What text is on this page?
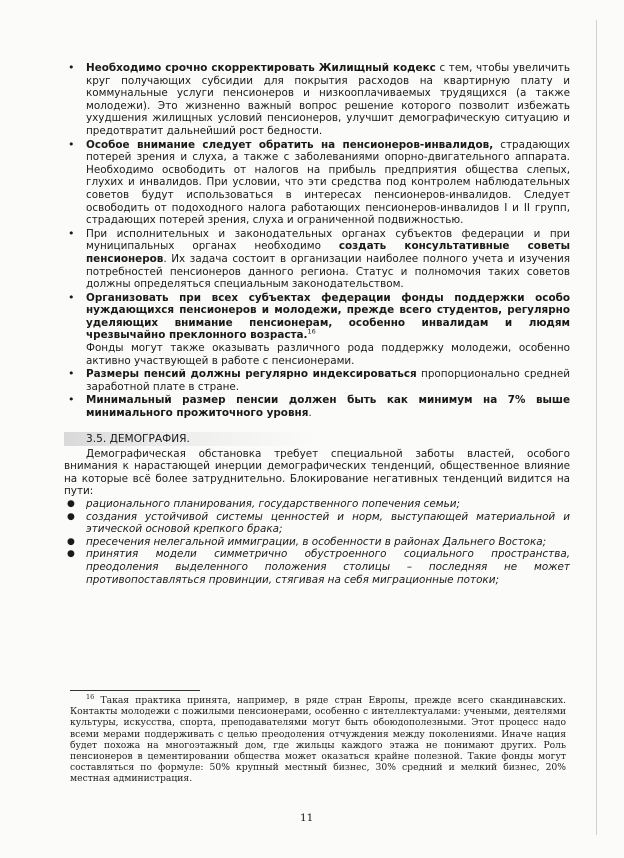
• Необходимо срочно скорректировать Жилищный кодекс с тем, чтобы увеличить круг получающих субсидии для покрытия расходов на квартирную плату и коммунальные услуги пенсионеров и низкооплачиваемых трудящихся (а также молодежи). Это жизненно важный вопрос решение которого позволит избежать ухудшения жилищных условий пенсионеров, улучшит демографическую ситуацию и предотвратит дальнейший рост бедности.
• Особое внимание следует обратить на пенсионеров-инвалидов, страдающих потерей зрения и слуха, а также с заболеваниями опорно-двигательного аппарата. Необходимо освободить от налогов на прибыль предприятия общества слепых, глухих и инвалидов. При условии, что эти средства под контролем наблюдательных советов будут использоваться в интересах пенсионеров-инвалидов. Следует освободить от подоходного налога работающих пенсионеров-инвалидов I и II групп, страдающих потерей зрения, слуха и ограниченной подвижностью.
• При исполнительных и законодательных органах субъектов федерации и при муниципальных органах необходимо создать консультативные советы пенсионеров. Их задача состоит в организации наиболее полного учета и изучения потребностей пенсионеров данного региона. Статус и полномочия таких советов должны определяться специальным законодательством.
• Организовать при всех субъектах федерации фонды поддержки особо нуждающихся пенсионеров и молодежи, прежде всего студентов, регулярно уделяющих внимание пенсионерам, особенно инвалидам и людям чрезвычайно преклонного возраста.$^{16}$
Фонды могут также оказывать различного рода поддержку молодежи, особенно активно участвующей в работе с пенсионерами.
• Размеры пенсий должны регулярно индексироваться пропорционально средней заработной плате в стране.
• Минимальный размер пенсии должен быть как минимум на 7% выше минимального прожиточного уровня.
3.5. ДЕМОГРАФИЯ.

Демографическая обстановка требует специальной заботы властей, особого внимания к нарастающей инерции демографических тенденций, общественное влияние на которые всё более затруднительно. Блокирование негативных тенденций видится на пути:

● рационального планирования, государственного попечения семьи;
● создания устойчивой системы ценностей и норм, выступающей материальной и этической основой крепкого брака;
● пресечения нелегальной иммиграции, в особенности в районах Дальнего Востока;
● принятия модели симметрично обустроенного социального пространства, преодоления выделенного положения столицы – последняя не может противопоставляться провинции, стягивая на себя миграционные потоки;
$^{16}$ Такая практика принята, например, в ряде стран Европы, прежде всего скандинавских. Контакты молодежи с пожилыми пенсионерами, особенно с интеллектуалами: учеными, деятелями культуры, искусства, спорта, преподавателями могут быть обоюдополезными. Этот процесс надо всеми мерами поддерживать с целью преодоления отчуждения между поколениями. Иначе нация будет похожа на многоэтажный дом, где жильцы каждого этажа не понимают других. Роль пенсионеров в цементировании общества может оказаться крайне полезной. Такие фонды могут составляться по формуле: 50% крупный местный бизнес, 30% средний и мелкий бизнес, 20% местная администрация.
11
